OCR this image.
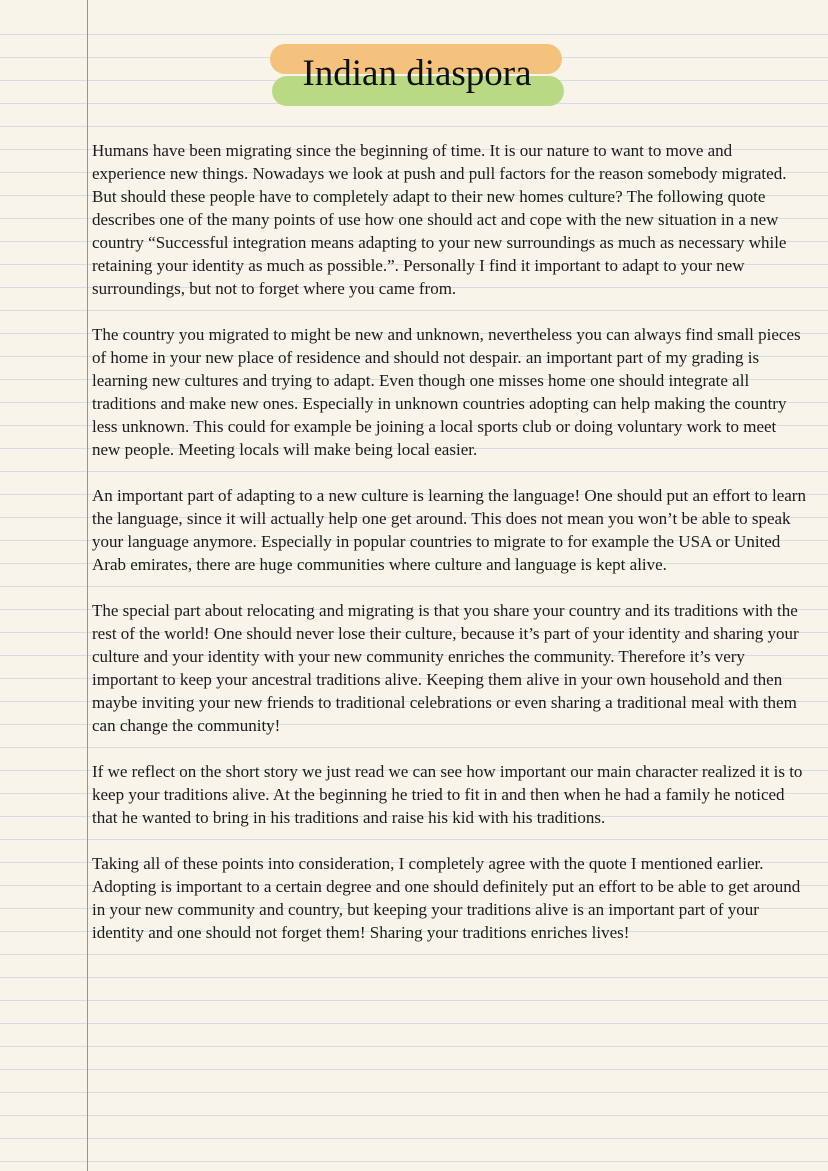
Indian diaspora

Humans have been migrating since the beginning of time. It is our nature to want to move and experience new things. Nowadays we look at push and pull factors for the reason somebody migrated. But should these people have to completely adapt to their new homes culture? The following quote describes one of the many points of use how one should act and cope with the new situation in a new country “Successful integration means adapting to your new surroundings as much as necessary while retaining your identity as much as possible.”. Personally I find it important to adapt to your new surroundings, but not to forget where you came from.

The country you migrated to might be new and unknown, nevertheless you can always find small pieces of home in your new place of residence and should not despair. an important part of my grading is learning new cultures and trying to adapt. Even though one misses home one should integrate all traditions and make new ones. Especially in unknown countries adopting can help making the country less unknown. This could for example be joining a local sports club or doing voluntary work to meet new people. Meeting locals will make being local easier.

An important part of adapting to a new culture is learning the language! One should put an effort to learn the language, since it will actually help one get around. This does not mean you won’t be able to speak your language anymore. Especially in popular countries to migrate to for example the USA or United Arab emirates, there are huge communities where culture and language is kept alive.

The special part about relocating and migrating is that you share your country and its traditions with the rest of the world! One should never lose their culture, because it’s part of your identity and sharing your culture and your identity with your new community enriches the community. Therefore it’s very important to keep your ancestral traditions alive. Keeping them alive in your own household and then maybe inviting your new friends to traditional celebrations or even sharing a traditional meal with them can change the community!

If we reflect on the short story we just read we can see how important our main character realized it is to keep your traditions alive. At the beginning he tried to fit in and then when he had a family he noticed that he wanted to bring in his traditions and raise his kid with his traditions.

Taking all of these points into consideration, I completely agree with the quote I mentioned earlier. Adopting is important to a certain degree and one should definitely put an effort to be able to get around in your new community and country, but keeping your traditions alive is an important part of your identity and one should not forget them! Sharing your traditions enriches lives!
